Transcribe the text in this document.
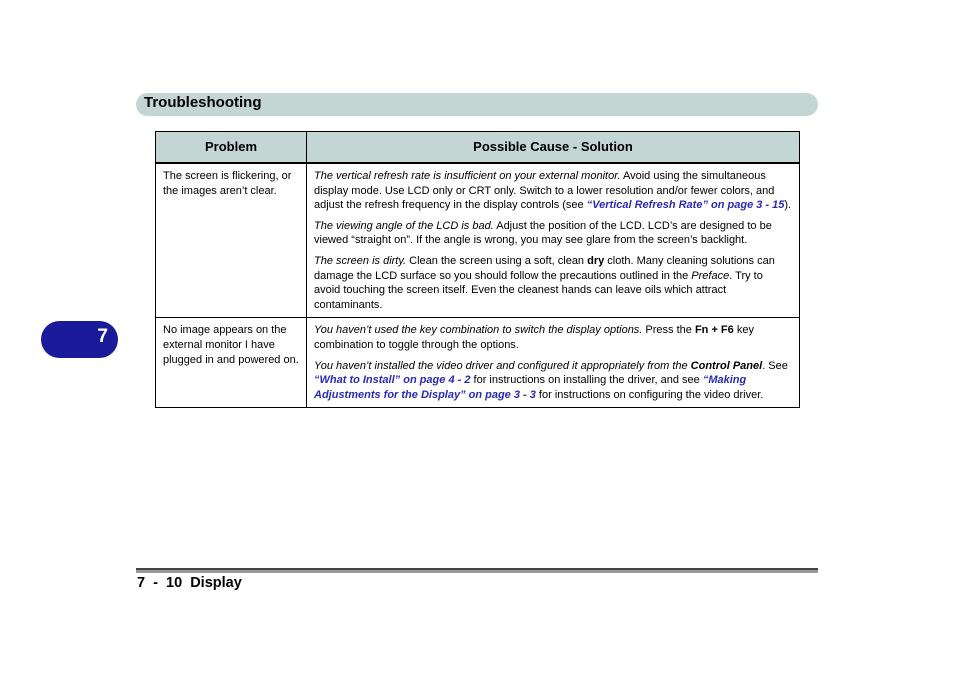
Troubleshooting
7
Problem	Possible Cause - Solution
The screen is flickering, or the images aren’t clear.	The vertical refresh rate is insufficient on your external monitor. Avoid using the simultaneous display mode. Use LCD only or CRT only. Switch to a lower resolution and/or fewer colors, and adjust the refresh frequency in the display controls (see “Vertical Refresh Rate” on page 3 - 15).

The viewing angle of the LCD is bad. Adjust the position of the LCD. LCD’s are designed to be viewed “straight on”. If the angle is wrong, you may see glare from the screen’s backlight.

The screen is dirty. Clean the screen using a soft, clean dry cloth. Many cleaning solutions can damage the LCD surface so you should follow the precautions outlined in the Preface. Try to avoid touching the screen itself. Even the cleanest hands can leave oils which attract contaminants.

No image appears on the external monitor I have plugged in and powered on.	You haven’t used the key combination to switch the display options. Press the Fn + F6 key combination to toggle through the options.

You haven’t installed the video driver and configured it appropriately from the Control Panel. See “What to Install” on page 4 - 2 for instructions on installing the driver, and see “Making Adjustments for the Display” on page 3 - 3 for instructions on configuring the video driver.

7  -  10  Display
